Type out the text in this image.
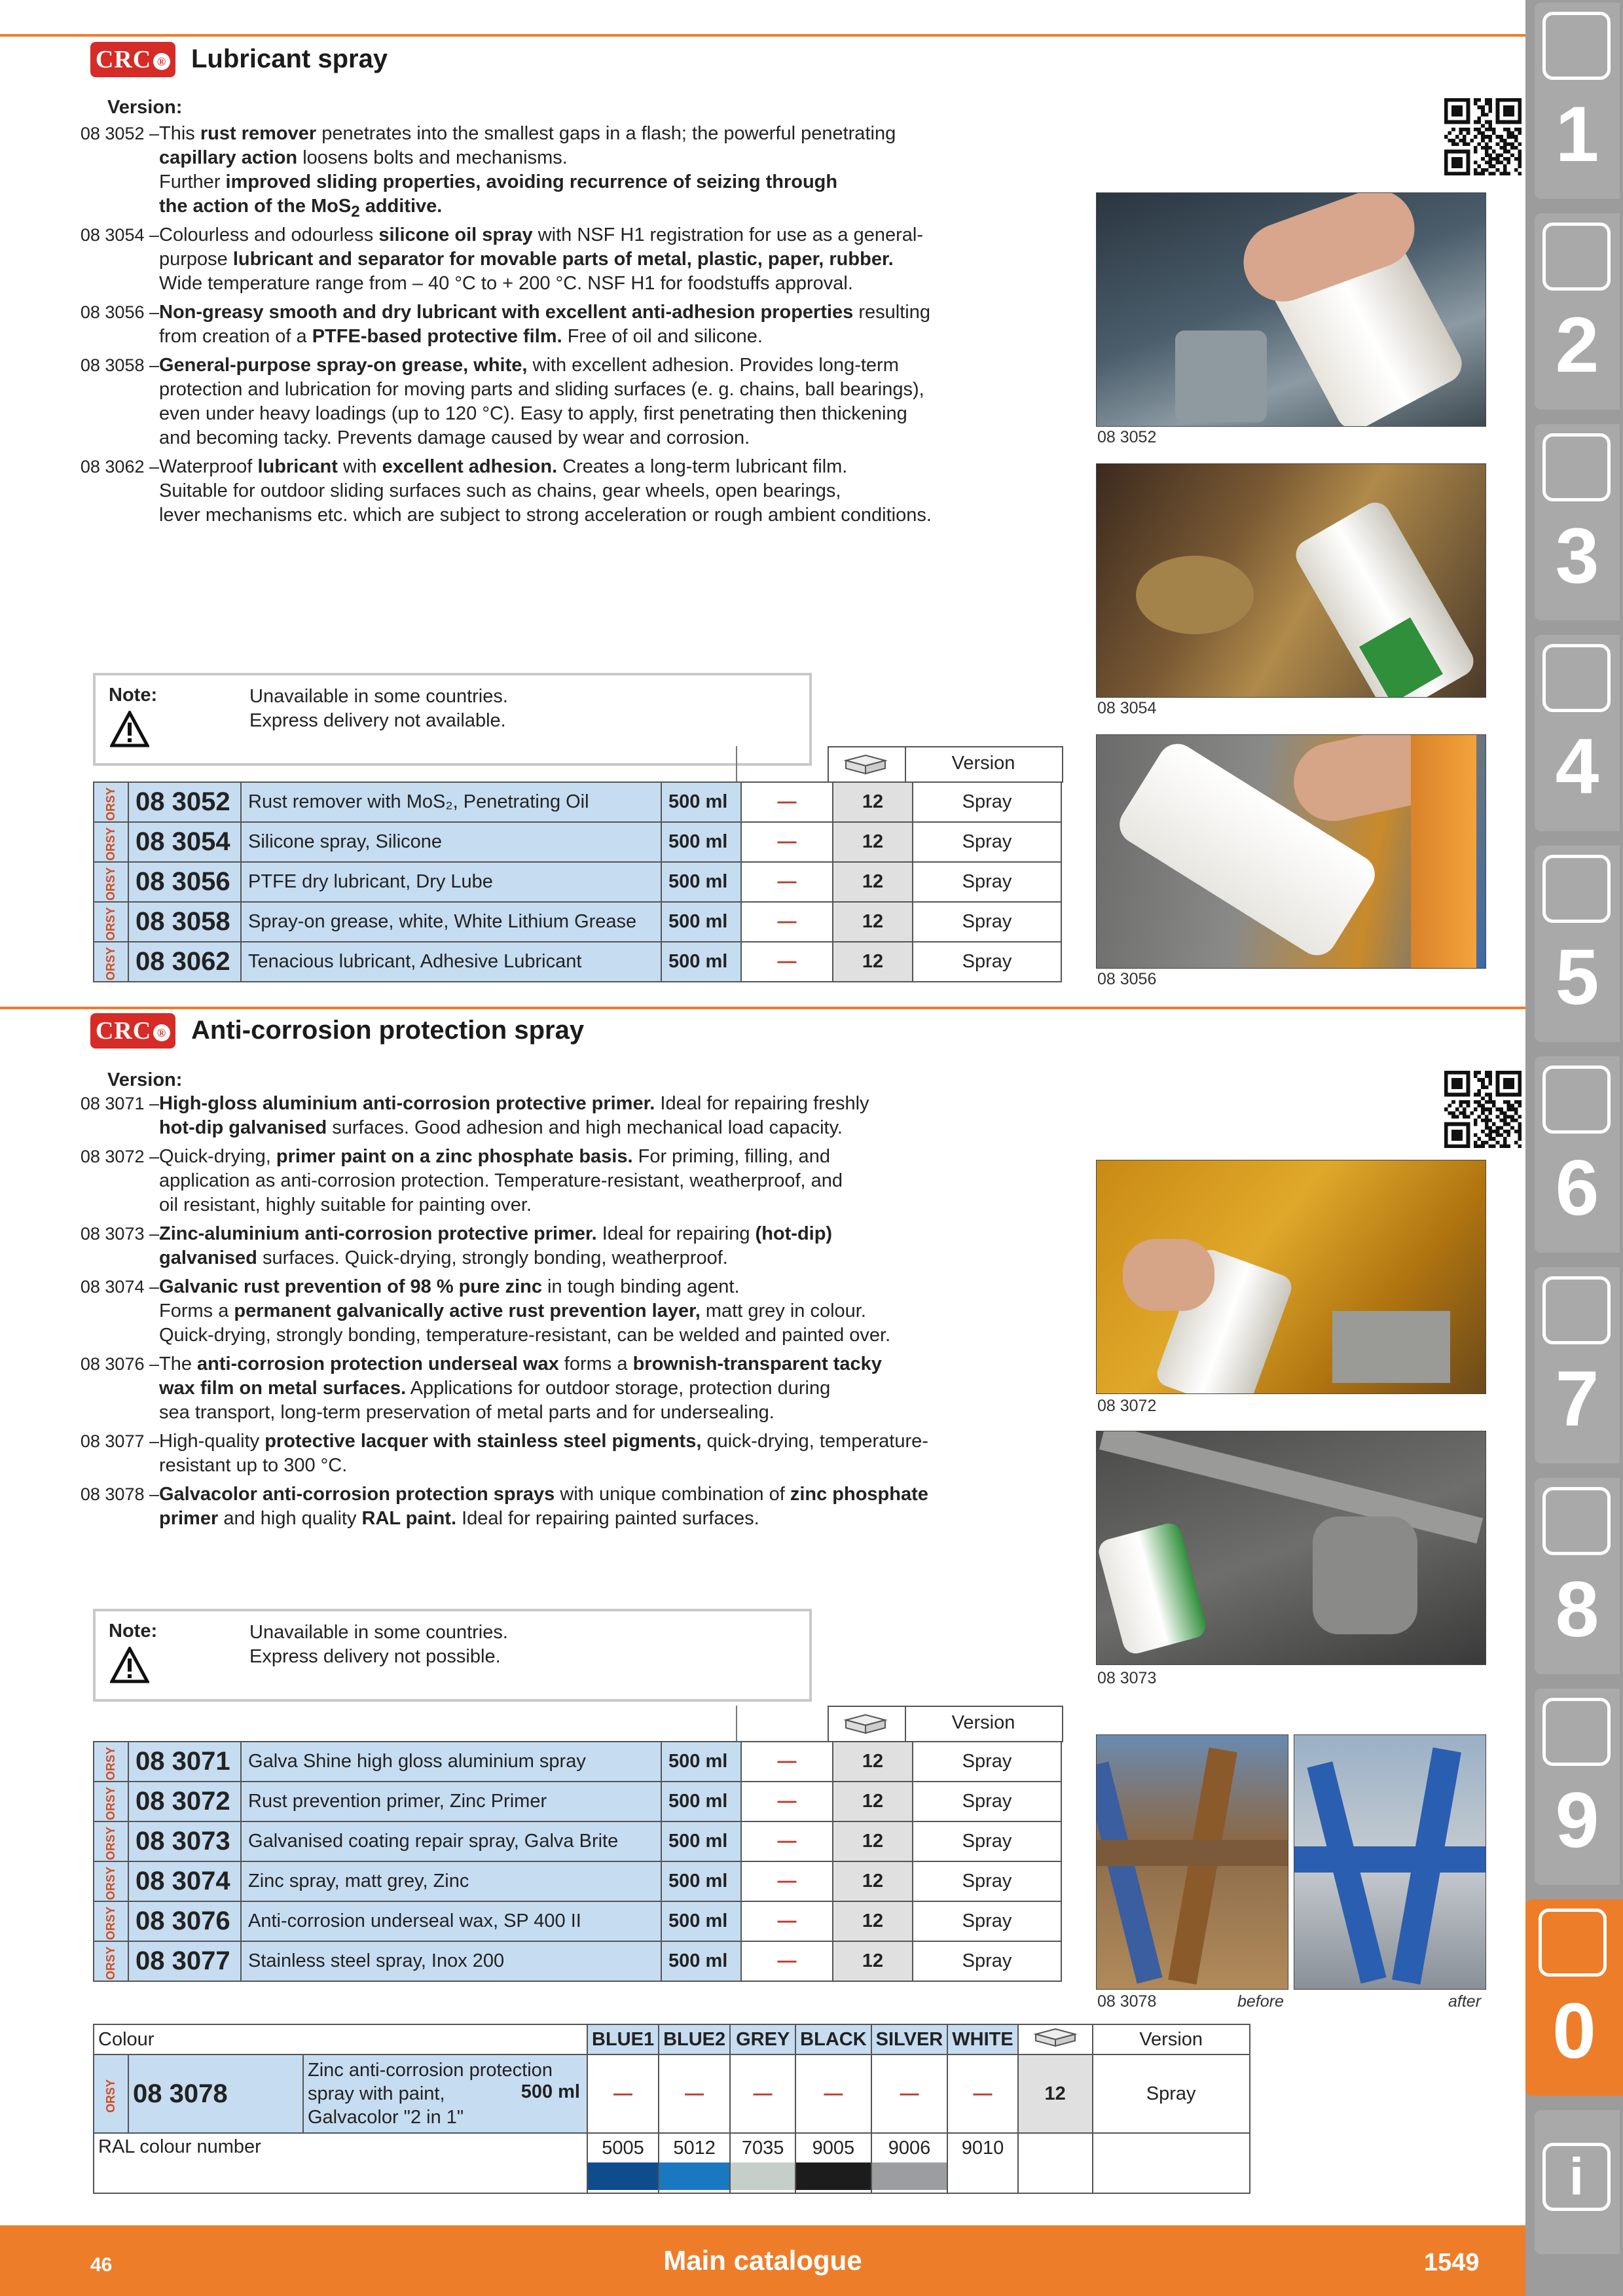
CRC ® Lubricant spray
Version:
08 3052 – This rust remover penetrates into the smallest gaps in a flash; the powerful penetrating
capillary action loosens bolts and mechanisms.
Further improved sliding properties, avoiding recurrence of seizing through
the action of the MoS$_2$ additive.
08 3054 – Colourless and odourless silicone oil spray with NSF H1 registration for use as a general-
purpose lubricant and separator for movable parts of metal, plastic, paper, rubber.
Wide temperature range from – 40 °C to + 200 °C. NSF H1 for foodstuffs approval.
08 3056 – Non-greasy smooth and dry lubricant with excellent anti-adhesion properties resulting
from creation of a PTFE-based protective film. Free of oil and silicone.
08 3058 – General-purpose spray-on grease, white, with excellent adhesion. Provides long-term
protection and lubrication for moving parts and sliding surfaces (e. g. chains, ball bearings),
even under heavy loadings (up to 120 °C). Easy to apply, first penetrating then thickening
and becoming tacky. Prevents damage caused by wear and corrosion.
08 3062 – Waterproof lubricant with excellent adhesion. Creates a long-term lubricant film.
Suitable for outdoor sliding surfaces such as chains, gear wheels, open bearings,
lever mechanisms etc. which are subject to strong acceleration or rough ambient conditions.
Note:	Unavailable in some countries.
Express delivery not available.
Version
ORSY	08 3052	Rust remover with MoS₂, Penetrating Oil	500 ml	—	12	Spray
ORSY	08 3054	Silicone spray, Silicone	500 ml	—	12	Spray
ORSY	08 3056	PTFE dry lubricant, Dry Lube	500 ml	—	12	Spray
ORSY	08 3058	Spray-on grease, white, White Lithium Grease	500 ml	—	12	Spray
ORSY	08 3062	Tenacious lubricant, Adhesive Lubricant	500 ml	—	12	Spray
08 3052
08 3054
08 3056
CRC ® Anti-corrosion protection spray
Version:
08 3071 – High-gloss aluminium anti-corrosion protective primer. Ideal for repairing freshly
hot-dip galvanised surfaces. Good adhesion and high mechanical load capacity.
08 3072 – Quick-drying, primer paint on a zinc phosphate basis. For priming, filling, and
application as anti-corrosion protection. Temperature-resistant, weatherproof, and
oil resistant, highly suitable for painting over.
08 3073 – Zinc-aluminium anti-corrosion protective primer. Ideal for repairing (hot-dip)
galvanised surfaces. Quick-drying, strongly bonding, weatherproof.
08 3074 – Galvanic rust prevention of 98 % pure zinc in tough binding agent.
Forms a permanent galvanically active rust prevention layer, matt grey in colour.
Quick-drying, strongly bonding, temperature-resistant, can be welded and painted over.
08 3076 – The anti-corrosion protection underseal wax forms a brownish-transparent tacky
wax film on metal surfaces. Applications for outdoor storage, protection during
sea transport, long-term preservation of metal parts and for undersealing.
08 3077 – High-quality protective lacquer with stainless steel pigments, quick-drying, temperature-
resistant up to 300 °C.
08 3078 – Galvacolor anti-corrosion protection sprays with unique combination of zinc phosphate
primer and high quality RAL paint. Ideal for repairing painted surfaces.
Note:	Unavailable in some countries.
Express delivery not possible.
Version
ORSY	08 3071	Galva Shine high gloss aluminium spray	500 ml	—	12	Spray
ORSY	08 3072	Rust prevention primer, Zinc Primer	500 ml	—	12	Spray
ORSY	08 3073	Galvanised coating repair spray, Galva Brite	500 ml	—	12	Spray
ORSY	08 3074	Zinc spray, matt grey, Zinc	500 ml	—	12	Spray
ORSY	08 3076	Anti-corrosion underseal wax, SP 400 II	500 ml	—	12	Spray
ORSY	08 3077	Stainless steel spray, Inox 200	500 ml	—	12	Spray
Colour			BLUE1	BLUE2	GREY	BLACK	SILVER	WHITE		Version
ORSY	08 3078	Zinc anti-corrosion protection
spray with paint,
Galvacolor "2 in 1"
500 ml	—	—	—	—	—	—	12	Spray
RAL colour number			5005	5012	7035	9005	9006	9010		

08 3072
08 3073
08 3078	before	after
1
2
3
4
5
6
7
8
9
0
i
46	Main catalogue	1549
